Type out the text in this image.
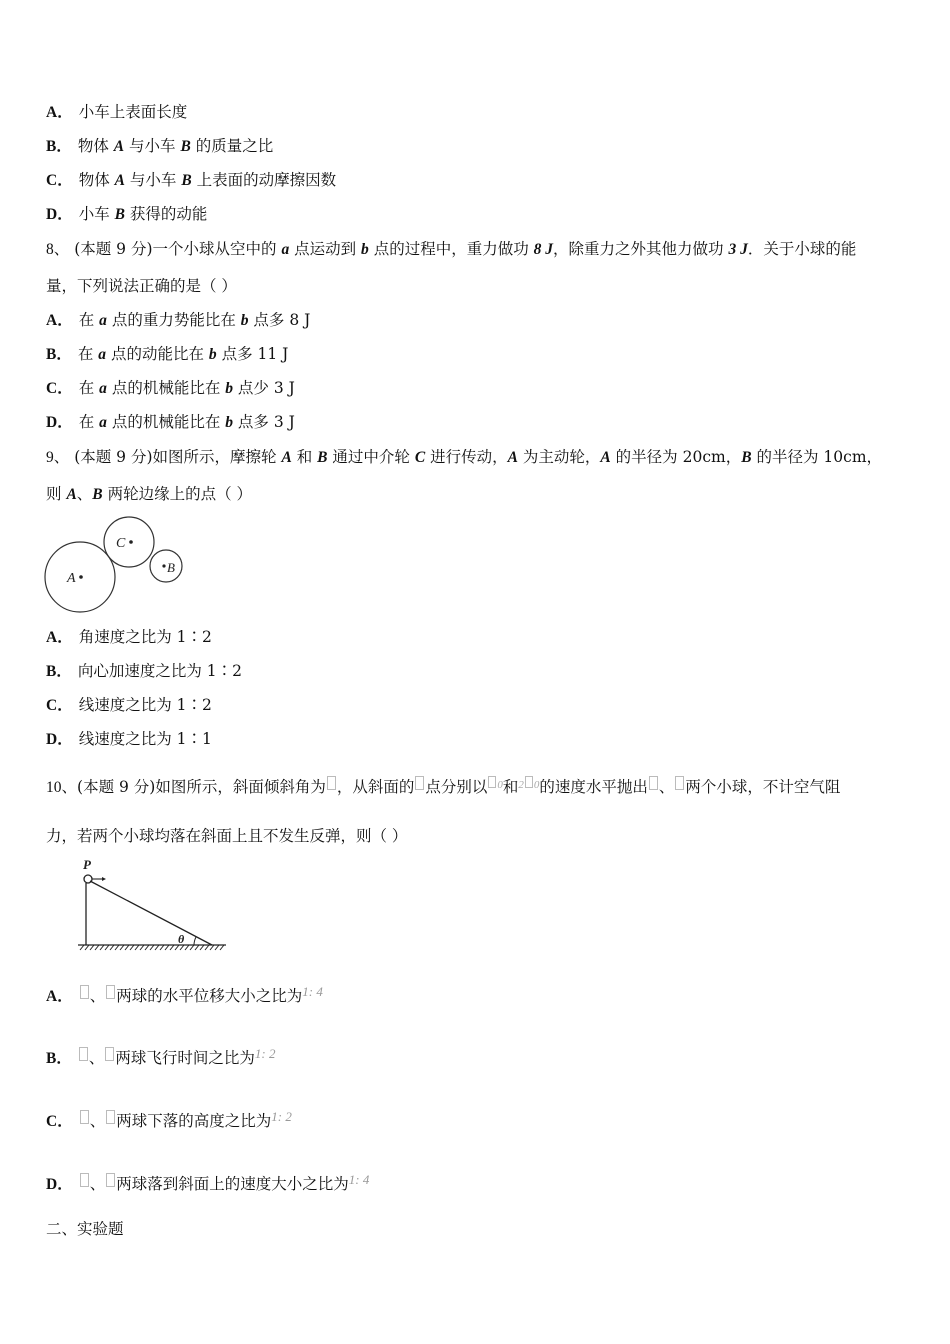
A． 小车上表面长度
B． 物体 A 与小车 B 的质量之比
C． 物体 A 与小车 B 上表面的动摩擦因数
D． 小车 B 获得的动能
8、 (本题 9 分)一个小球从空中的 a 点运动到 b 点的过程中，重力做功 8 J，除重力之外其他力做功 3 J．关于小球的能
量，下列说法正确的是（ ）
A． 在 a 点的重力势能比在 b 点多 8 J
B． 在 a 点的动能比在 b 点多 11 J
C． 在 a 点的机械能比在 b 点少 3 J
D． 在 a 点的机械能比在 b 点多 3 J
9、 (本题 9 分)如图所示，摩擦轮 A 和 B 通过中介轮 C 进行传动，A 为主动轮，A 的半径为 20cm，B 的半径为 10cm，
则 A、B 两轮边缘上的点（ ）
A
C
B
A． 角速度之比为 1∶2
B． 向心加速度之比为 1∶2
C． 线速度之比为 1∶2
D． 线速度之比为 1∶1
10、(本题 9 分)如图所示，斜面倾斜角为 ，从斜面的 点分别以 $^0$和$^2$ $^0$的速度水平抛出 、 两个小球，不计空气阻
力，若两个小球均落在斜面上且不发生反弹，则（ ）
P
θ
A． 、 两球的水平位移大小之比为$^{1: 4}$
B． 、 两球飞行时间之比为$^{1: 2}$
C． 、 两球下落的高度之比为$^{1: 2}$
D． 、 两球落到斜面上的速度大小之比为$^{1: 4}$
二、实验题
